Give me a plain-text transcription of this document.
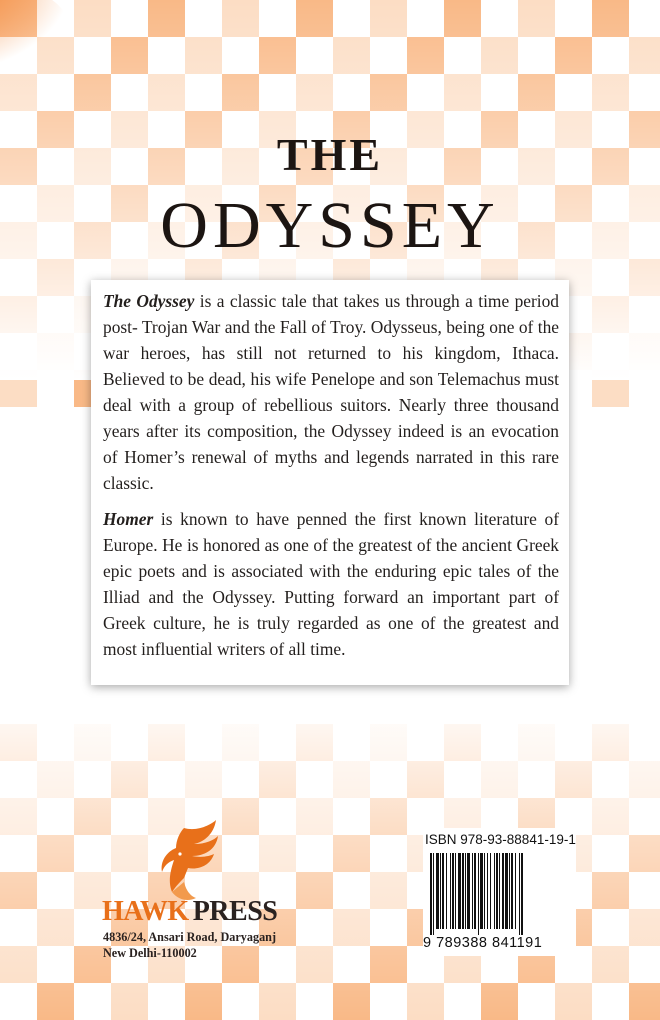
THE
ODYSSEY

The Odyssey is a classic tale that takes us through a time period post- Trojan War and the Fall of Troy. Odysseus, being one of the war heroes, has still not returned to his kingdom, Ithaca. Believed to be dead, his wife Penelope and son Telemachus must deal with a group of rebellious suitors. Nearly three thousand years after its composition, the Odyssey indeed is an evocation of Homer’s renewal of myths and legends narrated in this rare classic.

Homer is known to have penned the first known literature of Europe. He is honored as one of the greatest of the ancient Greek epic poets and is associated with the enduring epic tales of the Illiad and the Odyssey. Putting forward an important part of Greek culture, he is truly regarded as one of the greatest and most influential writers of all time.

HAWK PRESS
4836/24, Ansari Road, Daryaganj
New Delhi-110002
ISBN 978-93-88841-19-1
9 789388 841191
